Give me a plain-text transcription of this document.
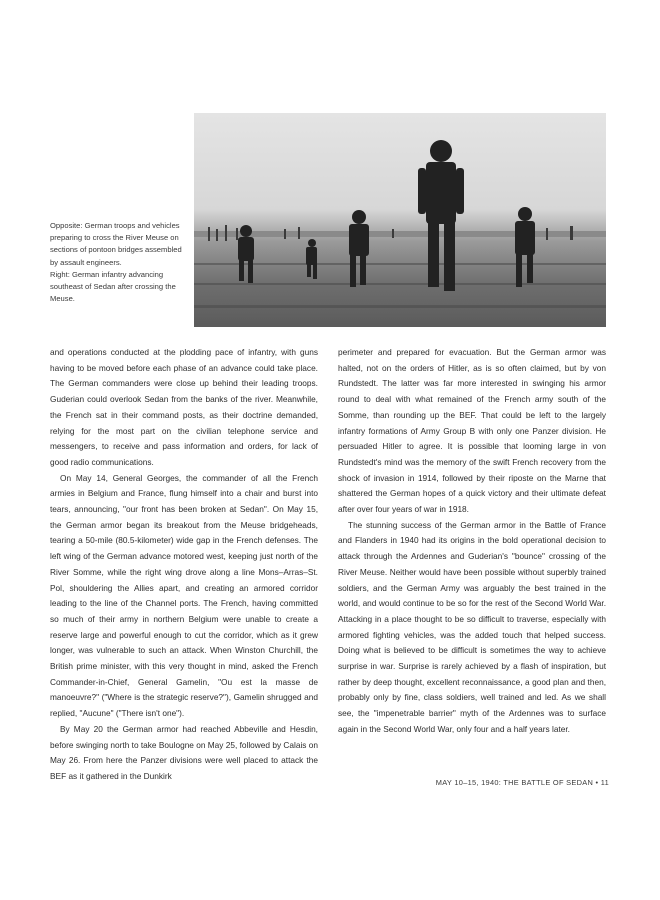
Opposite: German troops and vehicles preparing to cross the River Meuse on sections of pontoon bridges assembled by assault engineers.

Right: German infantry advancing southeast of Sedan after crossing the Meuse.

and operations conducted at the plodding pace of infantry, with guns having to be moved before each phase of an advance could take place. The German commanders were close up behind their leading troops. Guderian could overlook Sedan from the banks of the river. Meanwhile, the French sat in their command posts, as their doctrine demanded, relying for the most part on the civilian telephone service and messengers, to receive and pass information and orders, for lack of good radio communications.

On May 14, General Georges, the commander of all the French armies in Belgium and France, flung himself into a chair and burst into tears, announcing, "our front has been broken at Sedan". On May 15, the German armor began its breakout from the Meuse bridgeheads, tearing a 50-mile (80.5-kilometer) wide gap in the French defenses. The left wing of the German advance motored west, keeping just north of the River Somme, while the right wing drove along a line Mons–Arras–St. Pol, shouldering the Allies apart, and creating an armored corridor leading to the line of the Channel ports. The French, having committed so much of their army in northern Belgium were unable to create a reserve large and powerful enough to cut the corridor, which as it grew longer, was vulnerable to such an attack. When Winston Churchill, the British prime minister, with this very thought in mind, asked the French Commander-in-Chief, General Gamelin, "Ou est la masse de manoeuvre?" ("Where is the strategic reserve?"), Gamelin shrugged and replied, "Aucune" ("There isn't one").

By May 20 the German armor had reached Abbeville and Hesdin, before swinging north to take Boulogne on May 25, followed by Calais on May 26. From here the Panzer divisions were well placed to attack the BEF as it gathered in the Dunkirk

perimeter and prepared for evacuation. But the German armor was halted, not on the orders of Hitler, as is so often claimed, but by von Rundstedt. The latter was far more interested in swinging his armor round to deal with what remained of the French army south of the Somme, than rounding up the BEF. That could be left to the largely infantry formations of Army Group B with only one Panzer division. He persuaded Hitler to agree. It is possible that looming large in von Rundstedt's mind was the memory of the swift French recovery from the shock of invasion in 1914, followed by their riposte on the Marne that shattered the German hopes of a quick victory and their ultimate defeat after over four years of war in 1918.

The stunning success of the German armor in the Battle of France and Flanders in 1940 had its origins in the bold operational decision to attack through the Ardennes and Guderian's "bounce" crossing of the River Meuse. Neither would have been possible without superbly trained soldiers, and the German Army was arguably the best trained in the world, and would continue to be so for the rest of the Second World War. Attacking in a place thought to be so difficult to traverse, especially with armored fighting vehicles, was the added touch that helped success. Doing what is believed to be difficult is sometimes the way to achieve surprise in war. Surprise is rarely achieved by a flash of inspiration, but rather by deep thought, excellent reconnaissance, a good plan and then, probably only by fine, class soldiers, well trained and led. As we shall see, the "impenetrable barrier" myth of the Ardennes was to surface again in the Second World War, only four and a half years later.

MAY 10–15, 1940: THE BATTLE OF SEDAN • 11
